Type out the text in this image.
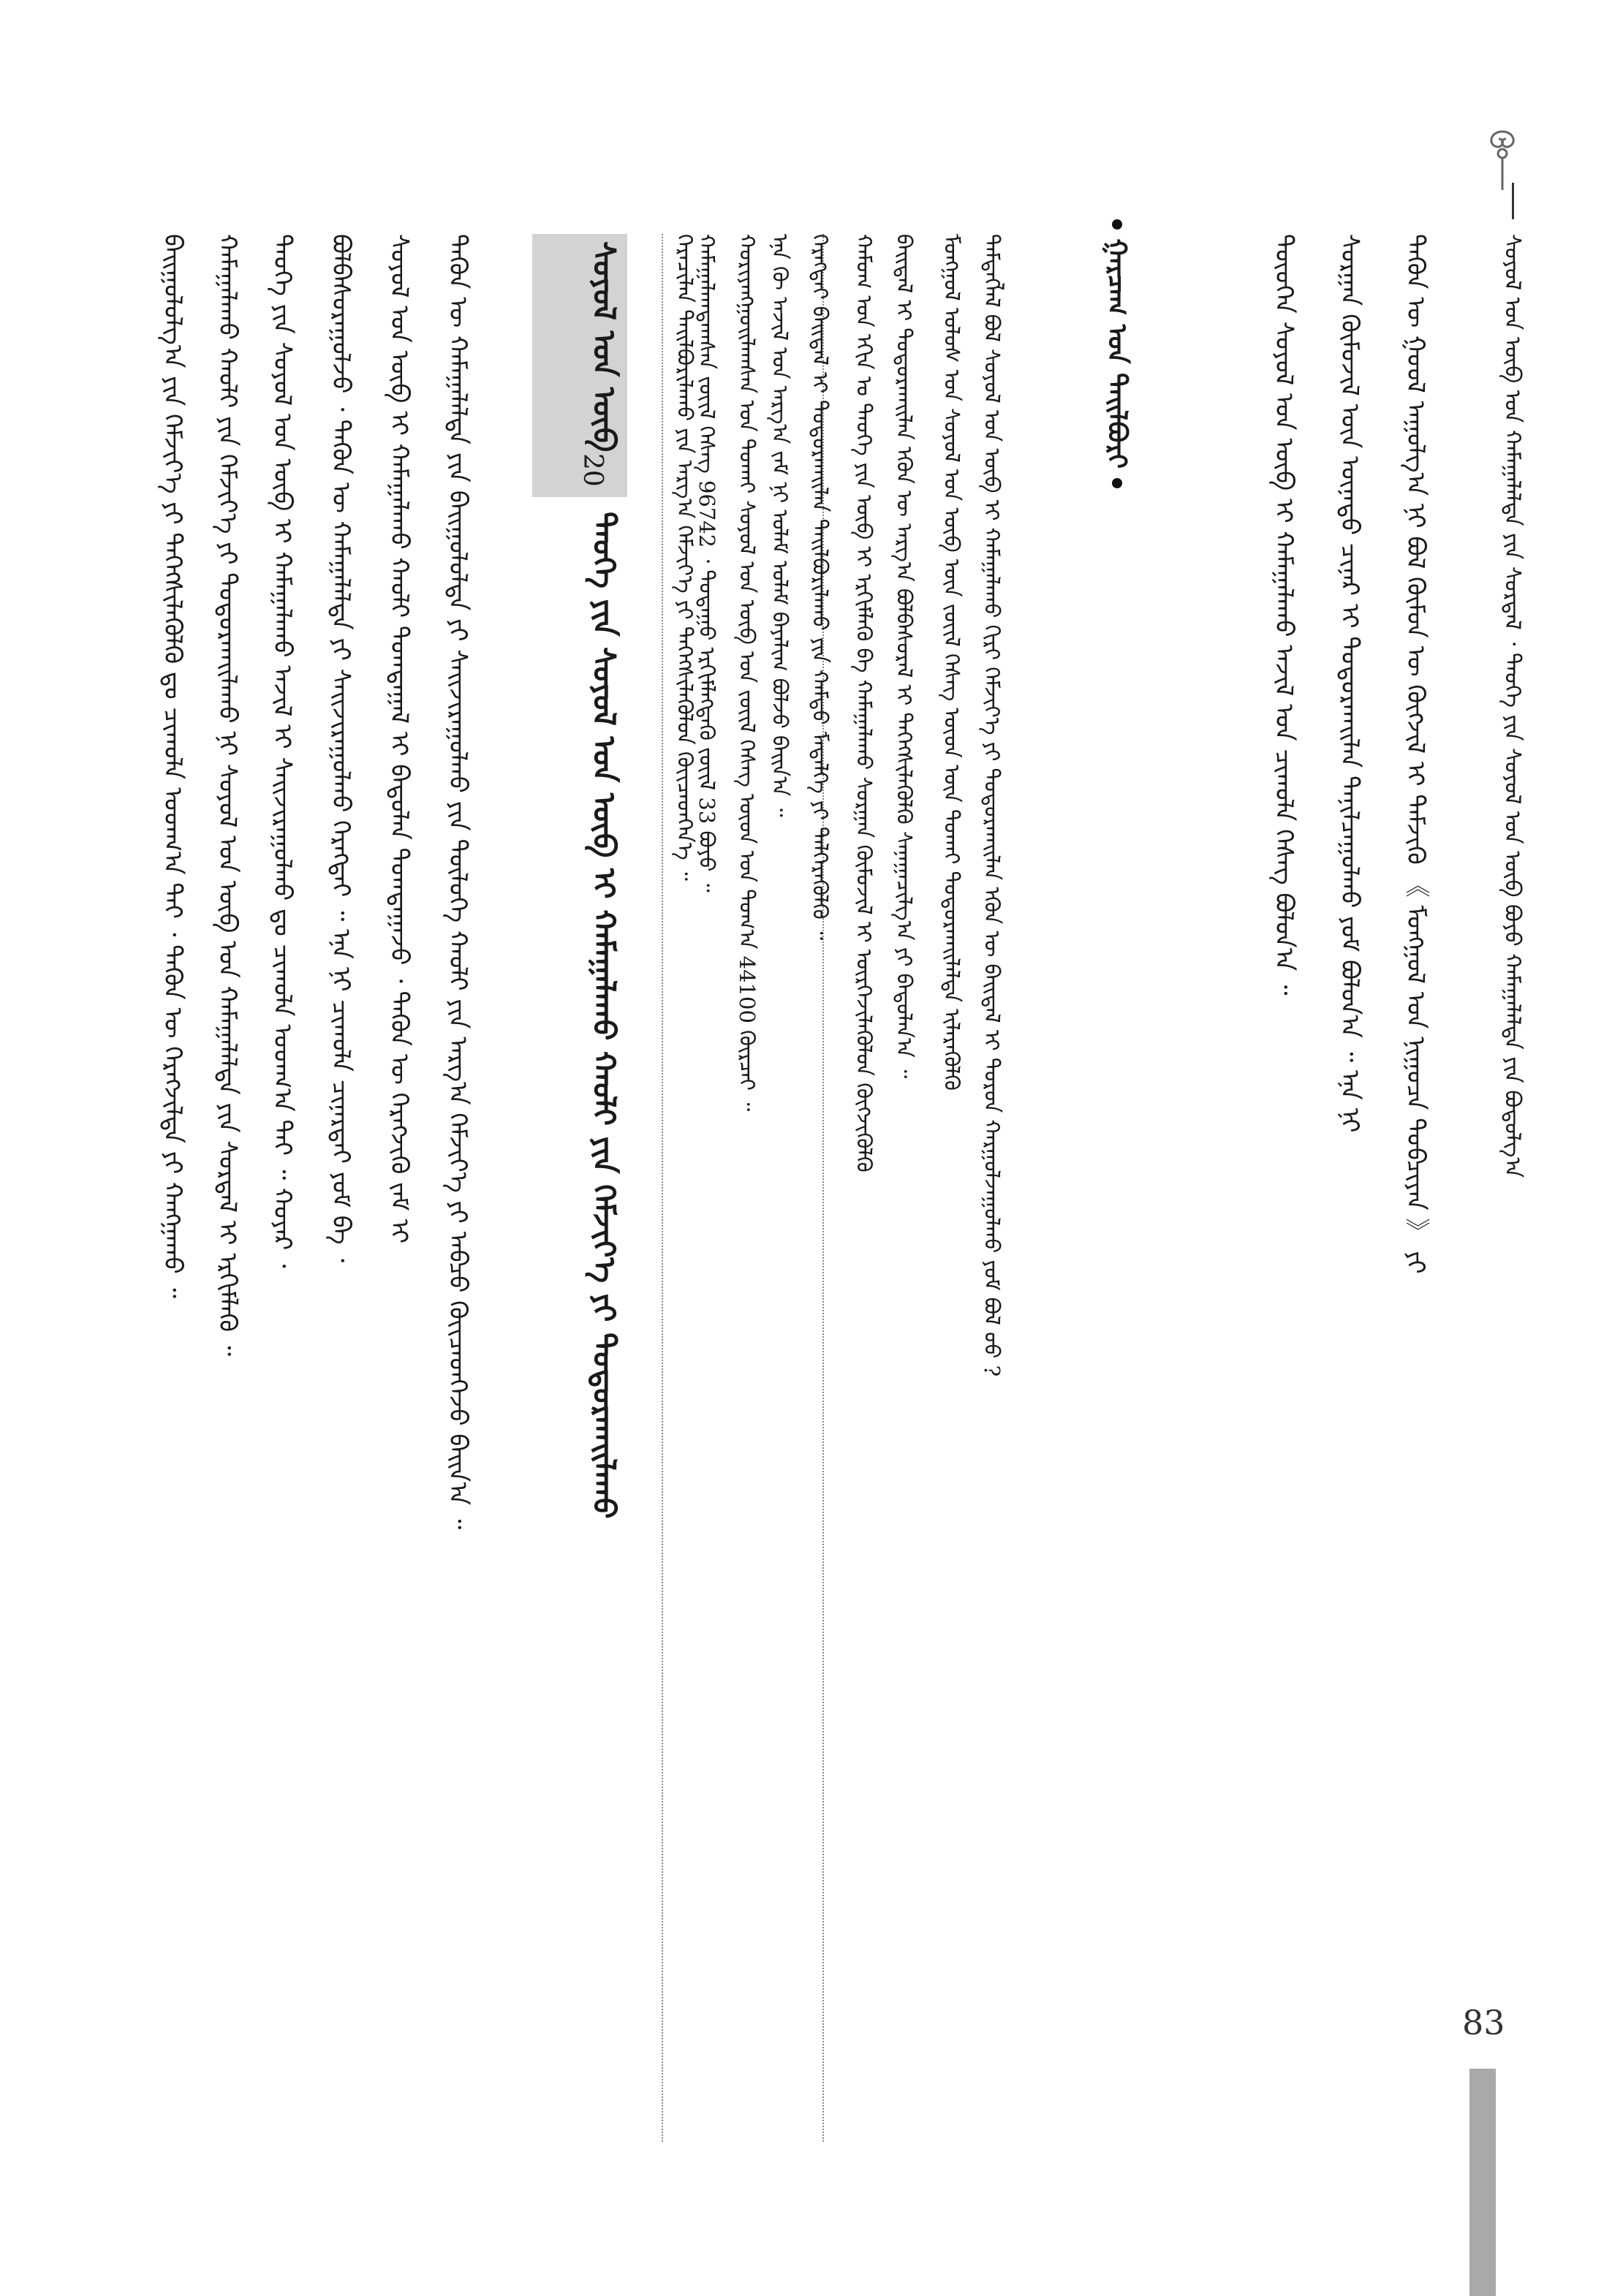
ᠰᠤᠶᠤᠯ ᠤᠨ ᠦᠪ ᠤᠨ ᠬᠠᠮᠠᠭᠠᠯᠠᠯᠲᠠ ᠶᠢᠨ ᠰᠤᠷᠲᠠᠯ ᠂ ᠲᠡᠦᠬᠡ ᠶᠢᠨ ᠰᠤᠶᠤᠯ ᠤᠨ ᠦᠪ ᠪᠤᠶᠤ ᠬᠠᠮᠠᠭᠠᠯᠠᠯᠲᠠ ᠶᠢᠨ ᠪᠤᠳᠤᠯᠭ᠎ᠠ
ᠲᠡᠭᠦᠨ ᠦ ᠭᠣᠣᠯ ᠠᠭᠤᠯᠭ᠎ᠠ ᠨᠢ ᠪᠣᠯ ᠬᠦᠮᠦᠨ ᠦ ᠬᠥᠭᠵᠢᠯ ᠢ ᠳᠡᠮᠵᠢᠬᠦ 《 ᠮᠣᠩᠭᠣᠯ ᠤᠨ ᠨᠢᠭᠤᠴᠠ ᠲᠣᠪᠴᠢᠶᠠᠨ 》 ᠶᠢ
ᠰᠤᠷᠭᠠᠨ ᠬᠦᠮᠦᠵᠢᠯ ᠦᠨ ᠦᠨᠡᠲᠦ ᠴᠢᠨᠠᠷ ᠢ ᠲᠣᠳᠤᠷᠬᠠᠢᠯᠠᠨ ᠲᠠᠨᠢᠯᠴᠠᠭᠤᠯᠬᠤ ᠶᠤᠮ ᠪᠣᠯᠤᠨ᠎ᠠ ᠃ ᠡᠨᠡ ᠨᠢ
ᠲᠦᠦᠬᠡᠨ ᠰᠤᠶᠤᠯ ᠤᠨ ᠦᠪ ᠢ ᠬᠠᠮᠠᠭᠠᠯᠠᠬᠤ ᠠᠵᠢᠯ ᠤᠨ ᠴᠢᠬᠤᠯᠠ ᠬᠡᠰᠡᠭ ᠪᠣᠯᠤᠨ᠎ᠠ ᠃
ᠭᠠᠷᠴᠠᠭ ᠤᠨ ᠲᠠᠢᠯᠪᠤᠷᠢ
ᠲᠡᠮᠳᠡᠭᠯᠡᠯ ᠪᠣᠯ ᠰᠤᠶᠤᠯ ᠤᠨ ᠦᠪ ᠢ ᠬᠠᠮᠠᠭᠠᠯᠠᠬᠤ ᠬᠢᠷᠢ ᠬᠡᠮᠵᠢᠶ᠎ᠡ ᠶᠢ ᠲᠣᠳᠤᠷᠬᠠᠢᠯᠠᠨ ᠡᠭᠦᠨ ᠦ ᠪᠠᠢᠳᠠᠯ ᠢ ᠲᠣᠷᠤᠨ ᠬᠠᠷᠭᠤᠯᠵᠠᠭᠤᠯᠬᠤ ᠶᠤᠮ ᠪᠣᠯ ᠤᠤ ?
ᠮᠣᠩᠭᠣᠯ ᠤᠯᠤᠰ ᠤᠨ ᠰᠤᠶᠤᠯ ᠤᠨ ᠦᠪ ᠦᠨ ᠵᠦᠢᠯ ᠬᠡᠰᠡᠭ ᠦᠳ ᠦᠨ ᠲᠤᠬᠠᠢ ᠲᠣᠳᠤᠷᠬᠠᠢᠯᠠᠯᠲᠠ ᠢᠯᠡᠷᠡᠭᠦᠯᠬᠦ
ᠪᠠᠢᠳᠠᠯ ᠢ ᠲᠣᠳᠤᠷᠬᠠᠢᠯᠠᠨ ᠡᠭᠦᠨ ᠦ ᠠᠷᠭ᠎ᠠ ᠪᠣᠯᠪᠠᠰᠤᠷᠠᠯ ᠢ ᠳᠡᠭᠡᠭᠰᠢᠯᠡᠭᠦᠯᠬᠦ ᠰᠠᠨᠠᠭᠠᠴᠢᠯᠭ᠎ᠠ ᠶᠢ ᠪᠠᠲᠤᠯᠠᠨ᠎ᠠ ᠃
ᠬᠠᠮᠤᠭ ᠤᠨ ᠡᠬᠢᠨ ᠤ ᠲᠡᠦᠬᠡ ᠶᠢᠨ ᠦᠪ ᠢ ᠡᠷᠬᠢᠮᠯᠡᠬᠦ ᠪᠠ ᠬᠠᠮᠠᠭᠠᠯᠠᠬᠤ ᠰᠤᠷᠭᠠᠨ ᠬᠥᠮᠦᠵᠢᠯ ᠢ ᠦᠷᠭᠡᠵᠢᠯᠡᠭᠦᠯᠦᠨ ᠬᠥᠭᠵᠢᠭᠦᠯᠬᠦ
ᠬᠡᠷᠡᠭᠲᠡᠢ ᠪᠠᠢᠳᠠᠯ ᠢ ᠲᠣᠳᠤᠷᠬᠠᠢᠯᠠᠨ ᠲᠠᠢᠯᠪᠤᠷᠢᠯᠠᠬᠤ ᠶᠢᠨ ᠬᠠᠮᠲᠤ ᠮᠡᠳᠡᠯᠭᠡ ᠶᠢ ᠳᠡᠯᠭᠡᠷᠡᠭᠦᠯᠬᠦ ᠃
ᠡᠨᠡ ᠬᠦ ᠠᠵᠢᠯ ᠤᠨ ᠠᠷᠭ᠎ᠠ ᠵᠠᠮ ᠨᠢ ᠤᠯᠠᠮ ᠤᠯᠠᠮ ᠪᠠᠶᠠᠯᠢᠭ ᠪᠣᠯᠵᠤ ᠪᠠᠢᠨ᠎ᠠ ᠃
ᠬᠤᠷᠢᠶᠠᠩᠭᠤᠢᠯᠠᠭᠰᠠᠨ ᠤᠨ ᠲᠤᠬᠠᠢ ᠰᠤᠶᠤᠯ ᠤᠨ ᠦᠪ ᠤᠨ ᠵᠦᠢᠯ ᠬᠡᠰᠡᠭ ᠦᠳ ᠤᠨ ᠲᠣᠭ᠎ᠠ 44100 ᠬᠦᠷᠴᠡᠢ ᠃
ᠬᠠᠮᠠᠭᠠᠯᠠᠭᠳᠠᠭᠰᠠᠨ ᠵᠦᠢᠯ ᠬᠡᠰᠡᠭ 96742 ᠂ ᠳᠤᠲᠠᠭᠤ ᠡᠷᠬᠢᠮᠯᠡᠭᠳᠡᠬᠦ ᠵᠦᠢᠯ 33 ᠪᠤᠶᠤ ᠃
ᠭᠡᠷᠡᠴᠢᠯᠡᠨ ᠲᠠᠢᠯᠪᠤᠷᠢᠯᠠᠬᠤ ᠶᠢᠨ ᠠᠷᠭ᠎ᠠ ᠬᠡᠮᠵᠢᠶ᠎ᠡ ᠶᠢ ᠳᠡᠭᠡᠭᠰᠢᠯᠡᠭᠦᠯᠦᠨ ᠭᠦᠢᠴᠡᠳᠭᠡᠨ᠎ᠡ ᠃
ᠰᠤᠶᠤᠯ ᠤᠨ ᠦᠪ
20
ᠲᠡᠦᠬᠡ ᠶᠢᠨ ᠰᠤᠶᠤᠯ ᠤᠨ ᠦᠪ ᠢ ᠬᠠᠮᠠᠭᠠᠯᠠᠬᠤ ᠬᠠᠤᠯᠢ ᠶᠢᠨ ᠬᠡᠮᠵᠢᠶ᠎ᠡ ᠶᠢ ᠲᠣᠳᠤᠷᠬᠠᠢᠯᠠᠬᠤ
ᠲᠡᠭᠦᠨ ᠦ ᠬᠠᠮᠠᠭᠠᠯᠠᠯᠲᠠ ᠶᠢᠨ ᠪᠠᠢᠭᠤᠯᠤᠯᠲᠠ ᠶᠢ ᠰᠠᠢᠵᠢᠷᠠᠭᠤᠯᠬᠤ ᠶᠢᠨ ᠲᠥᠯᠦᠭᠡ ᠬᠠᠤᠯᠢ ᠶᠢᠨ ᠠᠷᠭ᠎ᠠ ᠬᠡᠮᠵᠢᠶ᠎ᠡ ᠶᠢ ᠠᠪᠴᠤ ᠭᠦᠢᠴᠡᠳᠭᠡᠵᠦ ᠪᠠᠢᠨ᠎ᠠ ᠃
ᠰᠤᠶᠤᠯ ᠤᠨ ᠦᠪ ᠢ ᠬᠠᠮᠠᠭᠠᠯᠠᠬᠤ ᠬᠠᠤᠯᠢ ᠲᠣᠭᠲᠠᠭᠠᠯ ᠢ ᠪᠠᠲᠤᠯᠠᠨ ᠲᠣᠭᠲᠠᠭᠠᠵᠤ ᠂ ᠲᠡᠭᠦᠨ ᠦ ᠬᠡᠷᠡᠭᠵᠢᠬᠦ ᠵᠠᠮ ᠢ
ᠪᠣᠯᠪᠠᠰᠤᠷᠠᠭᠤᠯᠵᠤ ᠂ ᠲᠡᠭᠦᠨ ᠦ ᠬᠠᠮᠠᠭᠠᠯᠠᠯᠲᠠ ᠶᠢ ᠰᠠᠢᠵᠢᠷᠠᠭᠤᠯᠬᠤ ᠬᠡᠷᠡᠭᠲᠡᠢ ᠃ ᠡᠨᠡ ᠨᠢ ᠴᠢᠬᠤᠯᠠ ᠴᠢᠨᠠᠷᠲᠠᠢ ᠶᠤᠮ ᠪᠠ ᠂
ᠲᠡᠦᠬᠡ ᠶᠢᠨ ᠰᠤᠶᠤᠯ ᠤᠨ ᠦᠪ ᠢ ᠬᠠᠮᠠᠭᠠᠯᠠᠬᠤ ᠠᠵᠢᠯ ᠢ ᠰᠠᠢᠵᠢᠷᠠᠭᠤᠯᠬᠤ ᠳᠤ ᠴᠢᠬᠤᠯᠠ ᠤᠳᠬ᠎ᠠ ᠲᠠᠢ ᠃ ᠬᠣᠶᠠᠷ ᠂
ᠬᠠᠮᠠᠭᠠᠯᠠᠬᠤ ᠬᠠᠤᠯᠢ ᠶᠢᠨ ᠬᠡᠮᠵᠢᠶ᠎ᠡ ᠶᠢ ᠲᠣᠳᠤᠷᠬᠠᠢᠯᠠᠬᠤ ᠨᠢ ᠰᠤᠶᠤᠯ ᠤᠨ ᠦᠪ ᠤᠨ ᠬᠠᠮᠠᠭᠠᠯᠠᠯᠲᠠ ᠶᠢᠨ ᠰᠤᠷᠲᠠᠯ ᠢ ᠡᠷᠬᠢᠮᠯᠡᠬᠦ ᠃
ᠪᠠᠢᠭᠤᠯᠤᠯᠭ᠎ᠠ ᠶᠢᠨ ᠬᠡᠮᠵᠢᠶ᠎ᠡ ᠶᠢ ᠳᠡᠭᠡᠭᠰᠢᠯᠡᠭᠦᠯᠬᠦ ᠳᠤ ᠴᠢᠬᠤᠯᠠ ᠤᠳᠬ᠎ᠠ ᠲᠠᠢ ᠂ ᠲᠡᠭᠦᠨ ᠦ ᠬᠡᠷᠡᠭᠵᠢᠯᠲᠡ ᠶᠢ ᠬᠠᠩᠭᠠᠬᠤ ᠃
83
